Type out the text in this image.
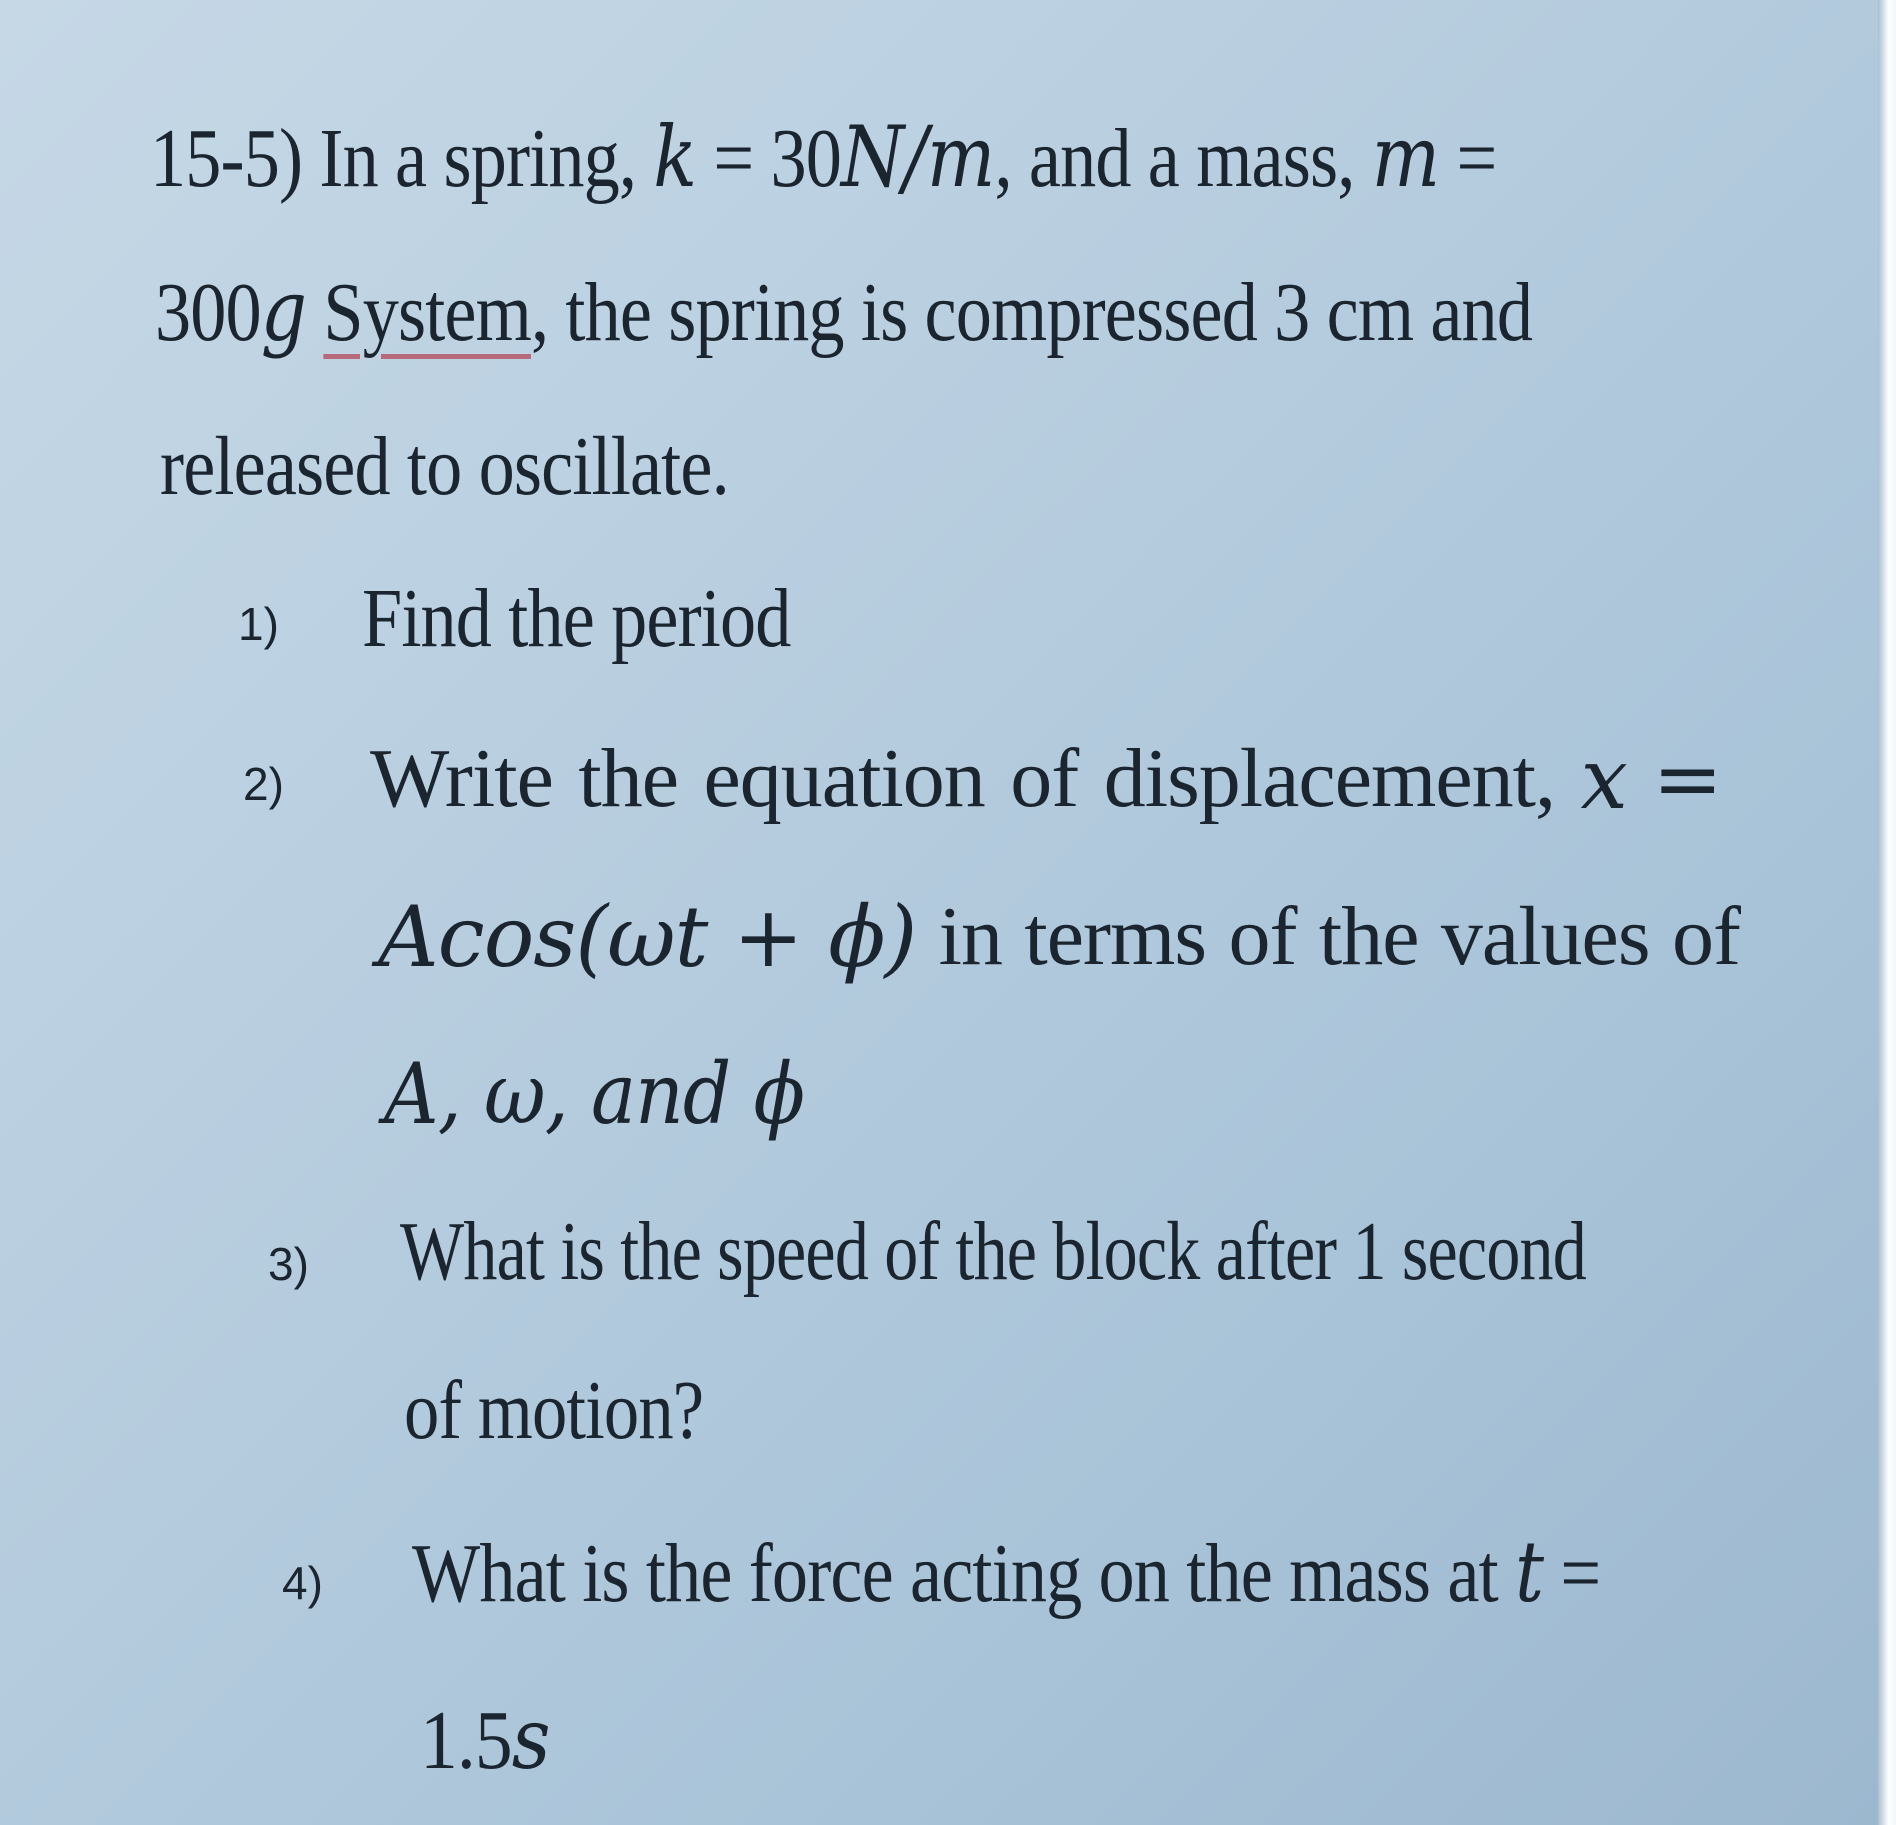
15-5) In a spring, k = 30N/m, and a mass, m =
300g System, the spring is compressed 3 cm and
released to oscillate.
1) Find the period
2) Write the equation of displacement, x =
Acos(ωt + ϕ) in terms of the values of
A, ω, and ϕ
3) What is the speed of the block after 1 second
of motion?
4) What is the force acting on the mass at t =
1.5s
